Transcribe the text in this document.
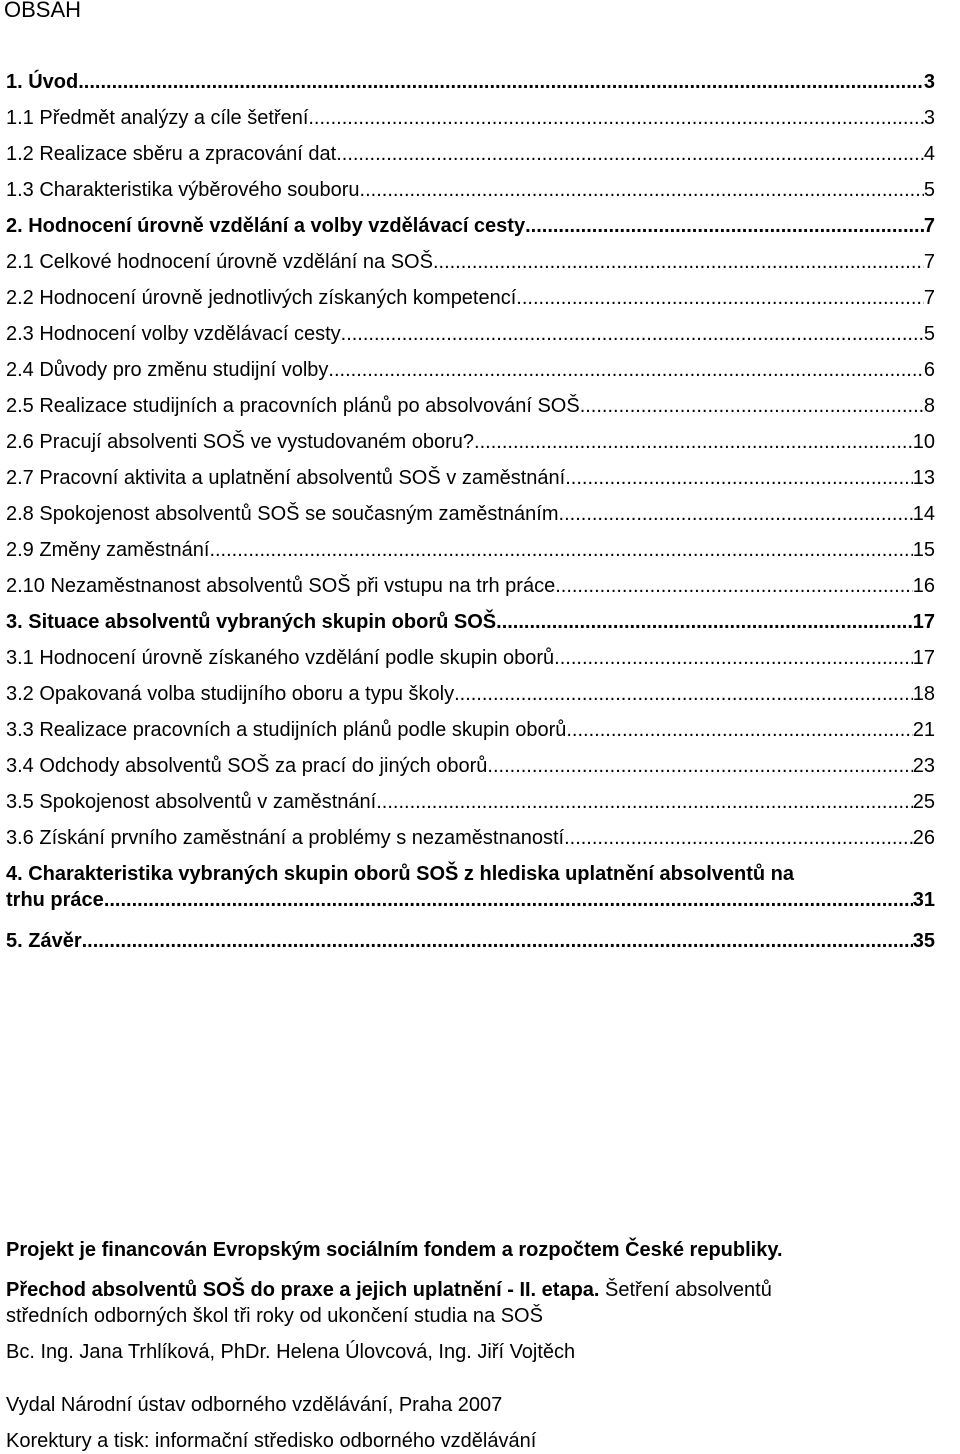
OBSAH
1. Úvod .....	3
1.1 Předmět analýzy a cíle šetření .....	3
1.2 Realizace sběru a zpracování dat .....	4
1.3 Charakteristika výběrového souboru .....	5
2. Hodnocení úrovně vzdělání a volby vzdělávací cesty .....	7
2.1 Celkové hodnocení úrovně vzdělání na SOŠ .....	7
2.2 Hodnocení úrovně jednotlivých získaných kompetencí .....	7
2.3 Hodnocení volby vzdělávací cesty .....	5
2.4 Důvody pro změnu studijní volby .....	6
2.5 Realizace studijních a pracovních plánů po absolvování SOŠ .....	8
2.6 Pracují absolventi SOŠ ve vystudovaném oboru? .....	10
2.7 Pracovní aktivita a uplatnění absolventů SOŠ v zaměstnání .....	13
2.8 Spokojenost absolventů SOŠ se současným zaměstnáním .....	14
2.9 Změny zaměstnání .....	15
2.10 Nezaměstnanost absolventů SOŠ při vstupu na trh práce .....	16
3. Situace absolventů vybraných skupin oborů SOŠ .....	17
3.1 Hodnocení úrovně získaného vzdělání podle skupin oborů .....	17
3.2 Opakovaná volba studijního oboru a typu školy .....	18
3.3 Realizace pracovních a studijních plánů podle skupin oborů .....	21
3.4 Odchody absolventů SOŠ za prací do jiných oborů .....	23
3.5 Spokojenost absolventů v zaměstnání .....	25
3.6 Získání prvního zaměstnání a problémy s nezaměstnaností .....	26
4. Charakteristika vybraných skupin oborů SOŠ z hlediska uplatnění absolventů na
trhu práce .....	31
5. Závěr .....	35
Projekt je financován Evropským sociálním fondem a rozpočtem České republiky.
Přechod absolventů SOŠ do praxe a jejich uplatnění - II. etapa. Šetření absolventů
středních odborných škol tři roky od ukončení studia na SOŠ
Bc. Ing. Jana Trhlíková, PhDr. Helena Úlovcová, Ing. Jiří Vojtěch
Vydal Národní ústav odborného vzdělávání, Praha 2007
Korektury a tisk: informační středisko odborného vzdělávání
